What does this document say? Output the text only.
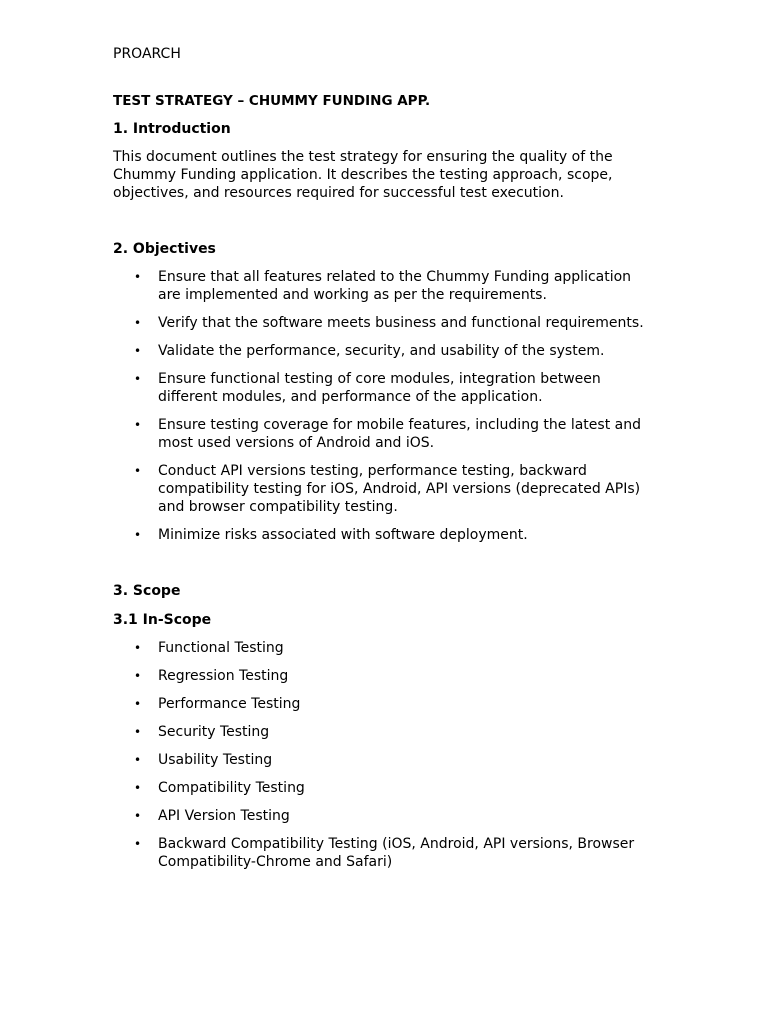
PROARCH
TEST STRATEGY – CHUMMY FUNDING APP.
1. Introduction
This document outlines the test strategy for ensuring the quality of the Chummy Funding application. It describes the testing approach, scope, objectives, and resources required for successful test execution.
2. Objectives
• Ensure that all features related to the Chummy Funding application are implemented and working as per the requirements.
• Verify that the software meets business and functional requirements.
• Validate the performance, security, and usability of the system.
• Ensure functional testing of core modules, integration between different modules, and performance of the application.
• Ensure testing coverage for mobile features, including the latest and most used versions of Android and iOS.
• Conduct API versions testing, performance testing, backward compatibility testing for iOS, Android, API versions (deprecated APIs) and browser compatibility testing.
• Minimize risks associated with software deployment.
3. Scope
3.1 In-Scope
• Functional Testing
• Regression Testing
• Performance Testing
• Security Testing
• Usability Testing
• Compatibility Testing
• API Version Testing
• Backward Compatibility Testing (iOS, Android, API versions, Browser Compatibility-Chrome and Safari)
